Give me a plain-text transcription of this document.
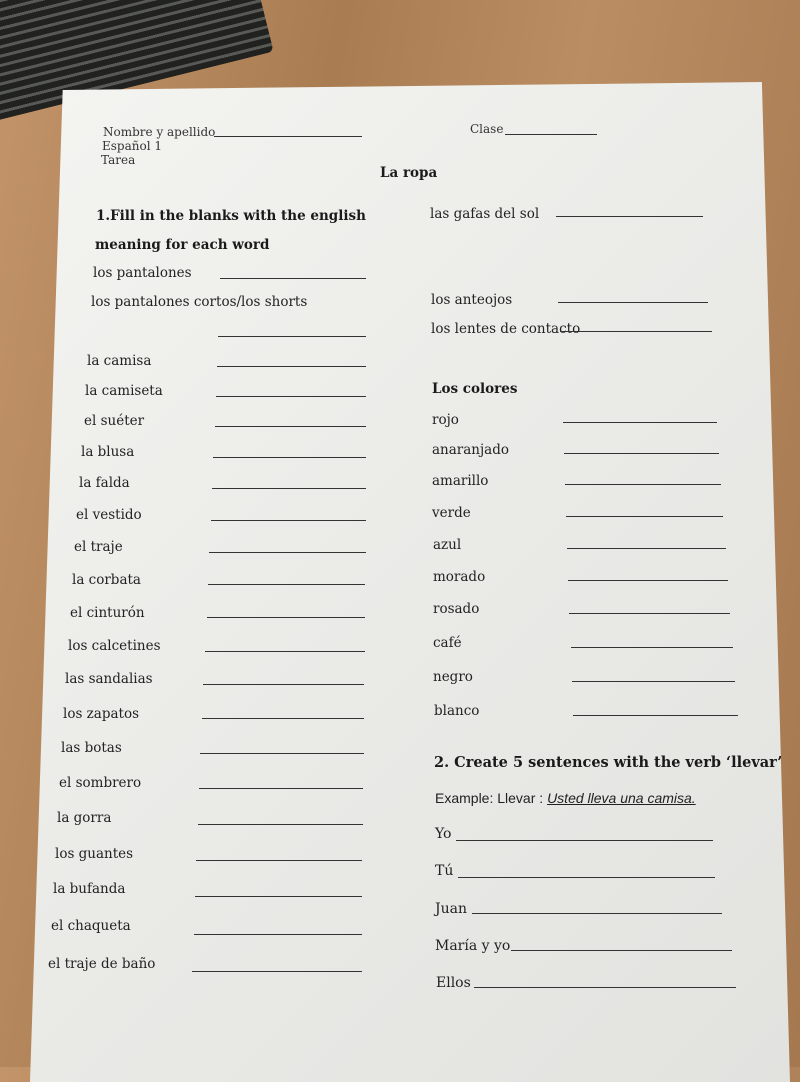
Nombre y apellido	Clase
Español 1
Tarea
La ropa
1.Fill in the blanks with the english
meaning for each word
los pantalones
los pantalones cortos/los shorts
la camisa
la camiseta
el suéter
la blusa
la falda
el vestido
el traje
la corbata
el cinturón
los calcetines
las sandalias
los zapatos
las botas
el sombrero
la gorra
los guantes
la bufanda
el chaqueta
el traje de baño
las gafas del sol
los anteojos
los lentes de contacto
Los colores
rojo
anaranjado
amarillo
verde
azul
morado
rosado
café
negro
blanco
2. Create 5 sentences with the verb ‘llevar’
Example: Llevar : Usted lleva una camisa.
Yo
Tú
Juan
María y yo
Ellos
